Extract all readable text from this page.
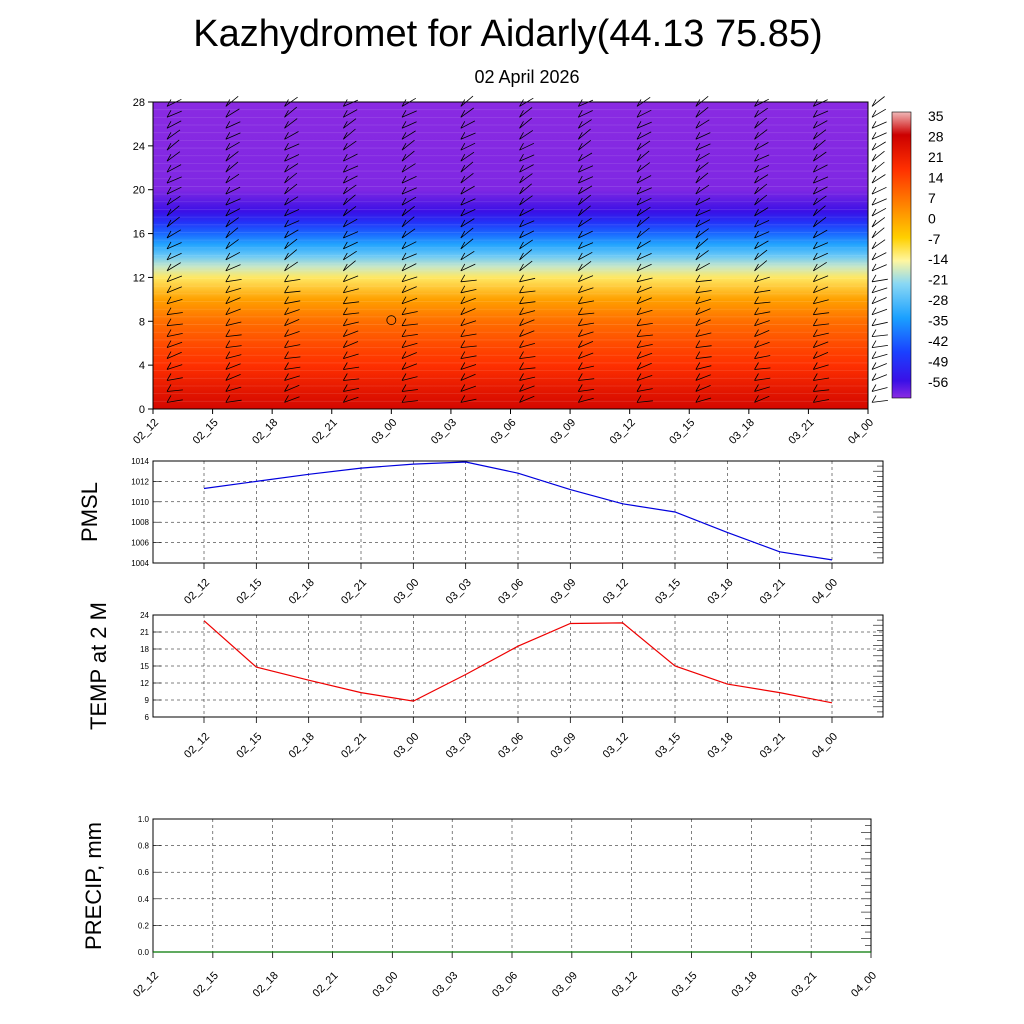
Kazhydromet for Aidarly(44.13 75.85)
02 April 2026
0
4
8
12
16
20
24
28
02_12	02_15	02_18	02_21	03_00	03_03	03_06	03_09	03_12	03_15	03_18	03_21	04_00
35
28
21
14
7
0
-7
-14
-21
-28
-35
-42
-49
-56
1004
1006
1008
1010
1012
1014
02_12 02_15 02_18 02_21 03_00 03_03 03_06 03_09 03_12 03_15 03_18 03_21 04_00
PMSL
6
9
12
15
18
21
24
02_12 02_15 02_18 02_21 03_00 03_03 03_06 03_09 03_12 03_15 03_18 03_21 04_00
TEMP at 2 M
0.0
0.2
0.4
0.6
0.8
1.0
02_12	02_15	02_18	02_21	03_00	03_03	03_06	03_09	03_12	03_15	03_18	03_21	04_00
PRECIP, mm
